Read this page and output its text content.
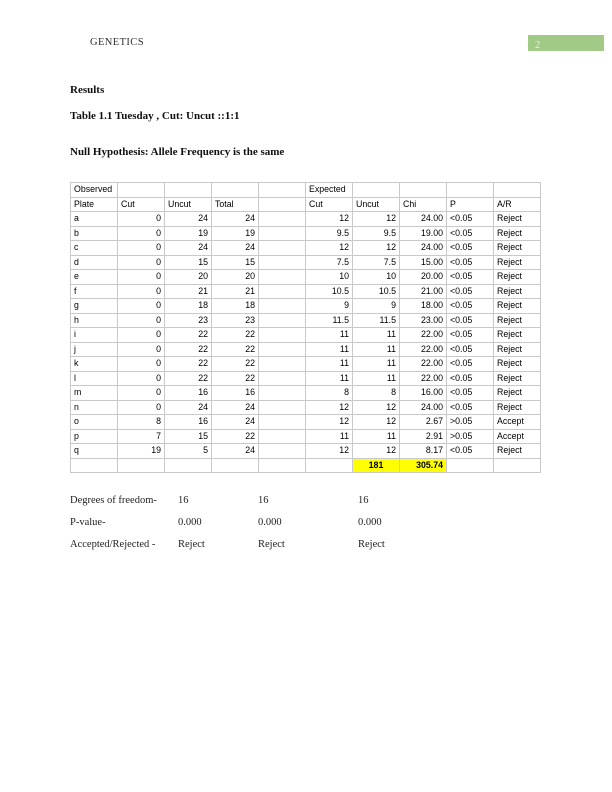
GENETICS	2
Results
Table 1.1 Tuesday , Cut: Uncut ::1:1
Null Hypothesis: Allele Frequency is the same
Observed					Expected				
Plate	Cut	Uncut	Total		Cut	Uncut	Chi	P	A/R
a	0	24	24		12	12	24.00	<0.05	Reject
b	0	19	19		9.5	9.5	19.00	<0.05	Reject
c	0	24	24		12	12	24.00	<0.05	Reject
d	0	15	15		7.5	7.5	15.00	<0.05	Reject
e	0	20	20		10	10	20.00	<0.05	Reject
f	0	21	21		10.5	10.5	21.00	<0.05	Reject
g	0	18	18		9	9	18.00	<0.05	Reject
h	0	23	23		11.5	11.5	23.00	<0.05	Reject
i	0	22	22		11	11	22.00	<0.05	Reject
j	0	22	22		11	11	22.00	<0.05	Reject
k	0	22	22		11	11	22.00	<0.05	Reject
l	0	22	22		11	11	22.00	<0.05	Reject
m	0	16	16		8	8	16.00	<0.05	Reject
n	0	24	24		12	12	24.00	<0.05	Reject
o	8	16	24		12	12	2.67	>0.05	Accept
p	7	15	22		11	11	2.91	>0.05	Accept
q	19	5	24		12	12	8.17	<0.05	Reject
						181	305.74		
Degrees of freedom- 16	16	16
P-value-	0.000	0.000	0.000
Accepted/Rejected - Reject	Reject	Reject
